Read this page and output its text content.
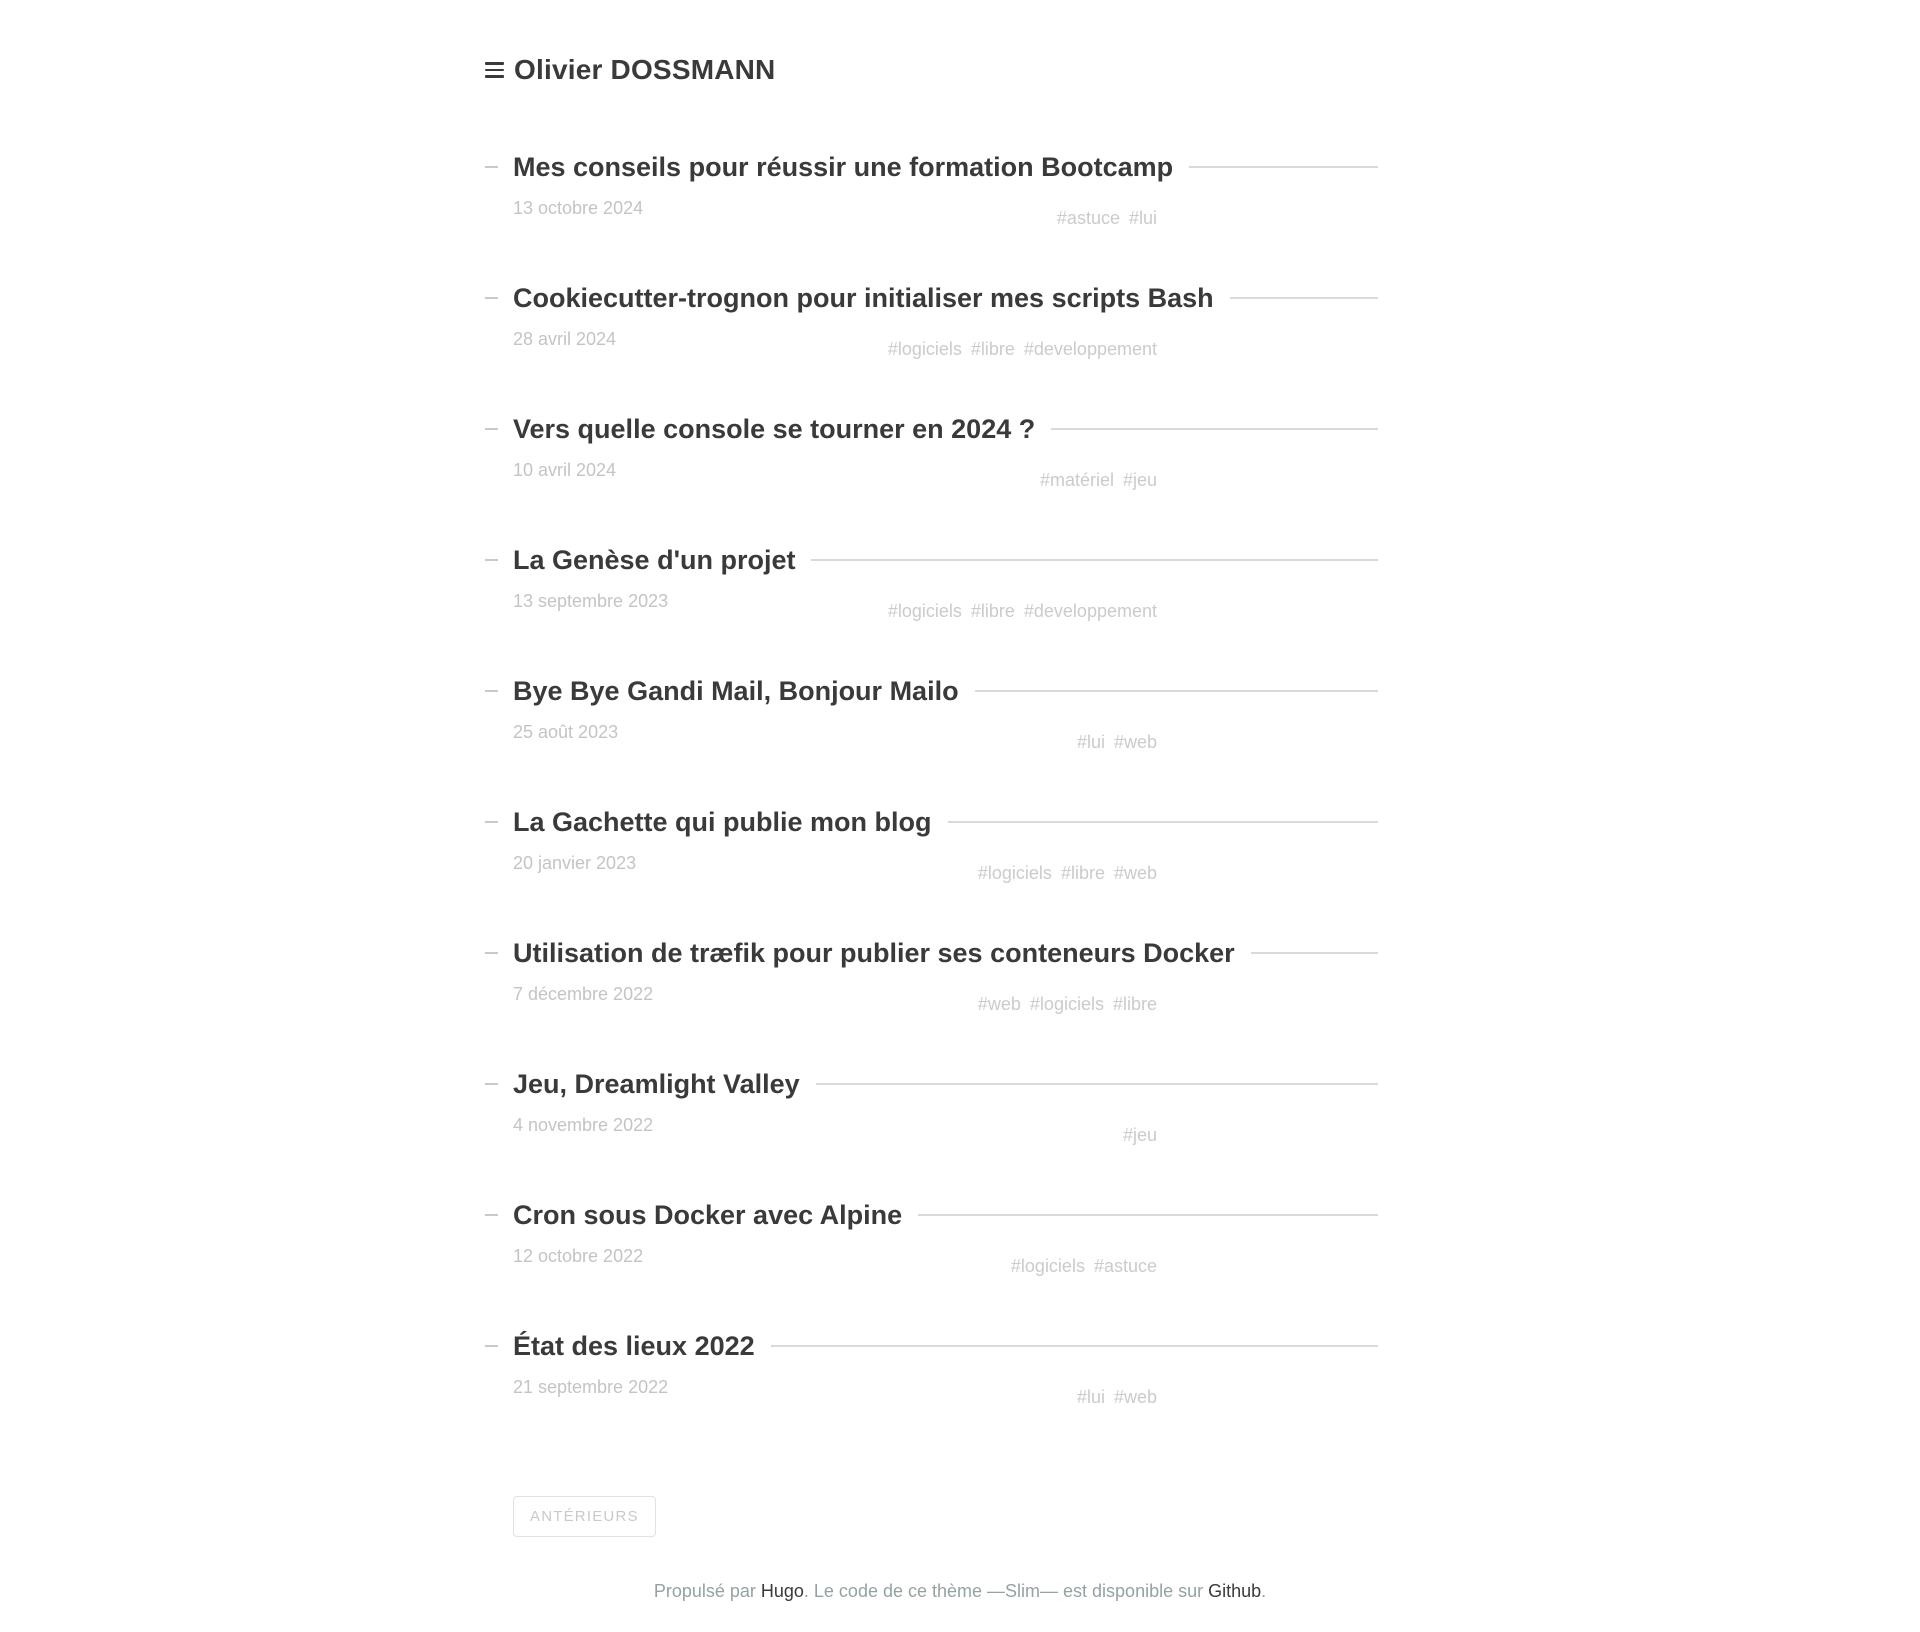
Olivier DOSSMANN
Mes conseils pour réussir une formation Bootcamp
13 octobre 2024	#astuce #lui
Cookiecutter-trognon pour initialiser mes scripts Bash
28 avril 2024	#logiciels #libre #developpement
Vers quelle console se tourner en 2024 ?
10 avril 2024	#matériel #jeu
La Genèse d'un projet
13 septembre 2023	#logiciels #libre #developpement
Bye Bye Gandi Mail, Bonjour Mailo
25 août 2023	#lui #web
La Gachette qui publie mon blog
20 janvier 2023	#logiciels #libre #web
Utilisation de træfik pour publier ses conteneurs Docker
7 décembre 2022	#web #logiciels #libre
Jeu, Dreamlight Valley
4 novembre 2022	#jeu
Cron sous Docker avec Alpine
12 octobre 2022	#logiciels #astuce
État des lieux 2022
21 septembre 2022	#lui #web
ANTÉRIEURS
Propulsé par Hugo. Le code de ce thème —Slim— est disponible sur Github.
